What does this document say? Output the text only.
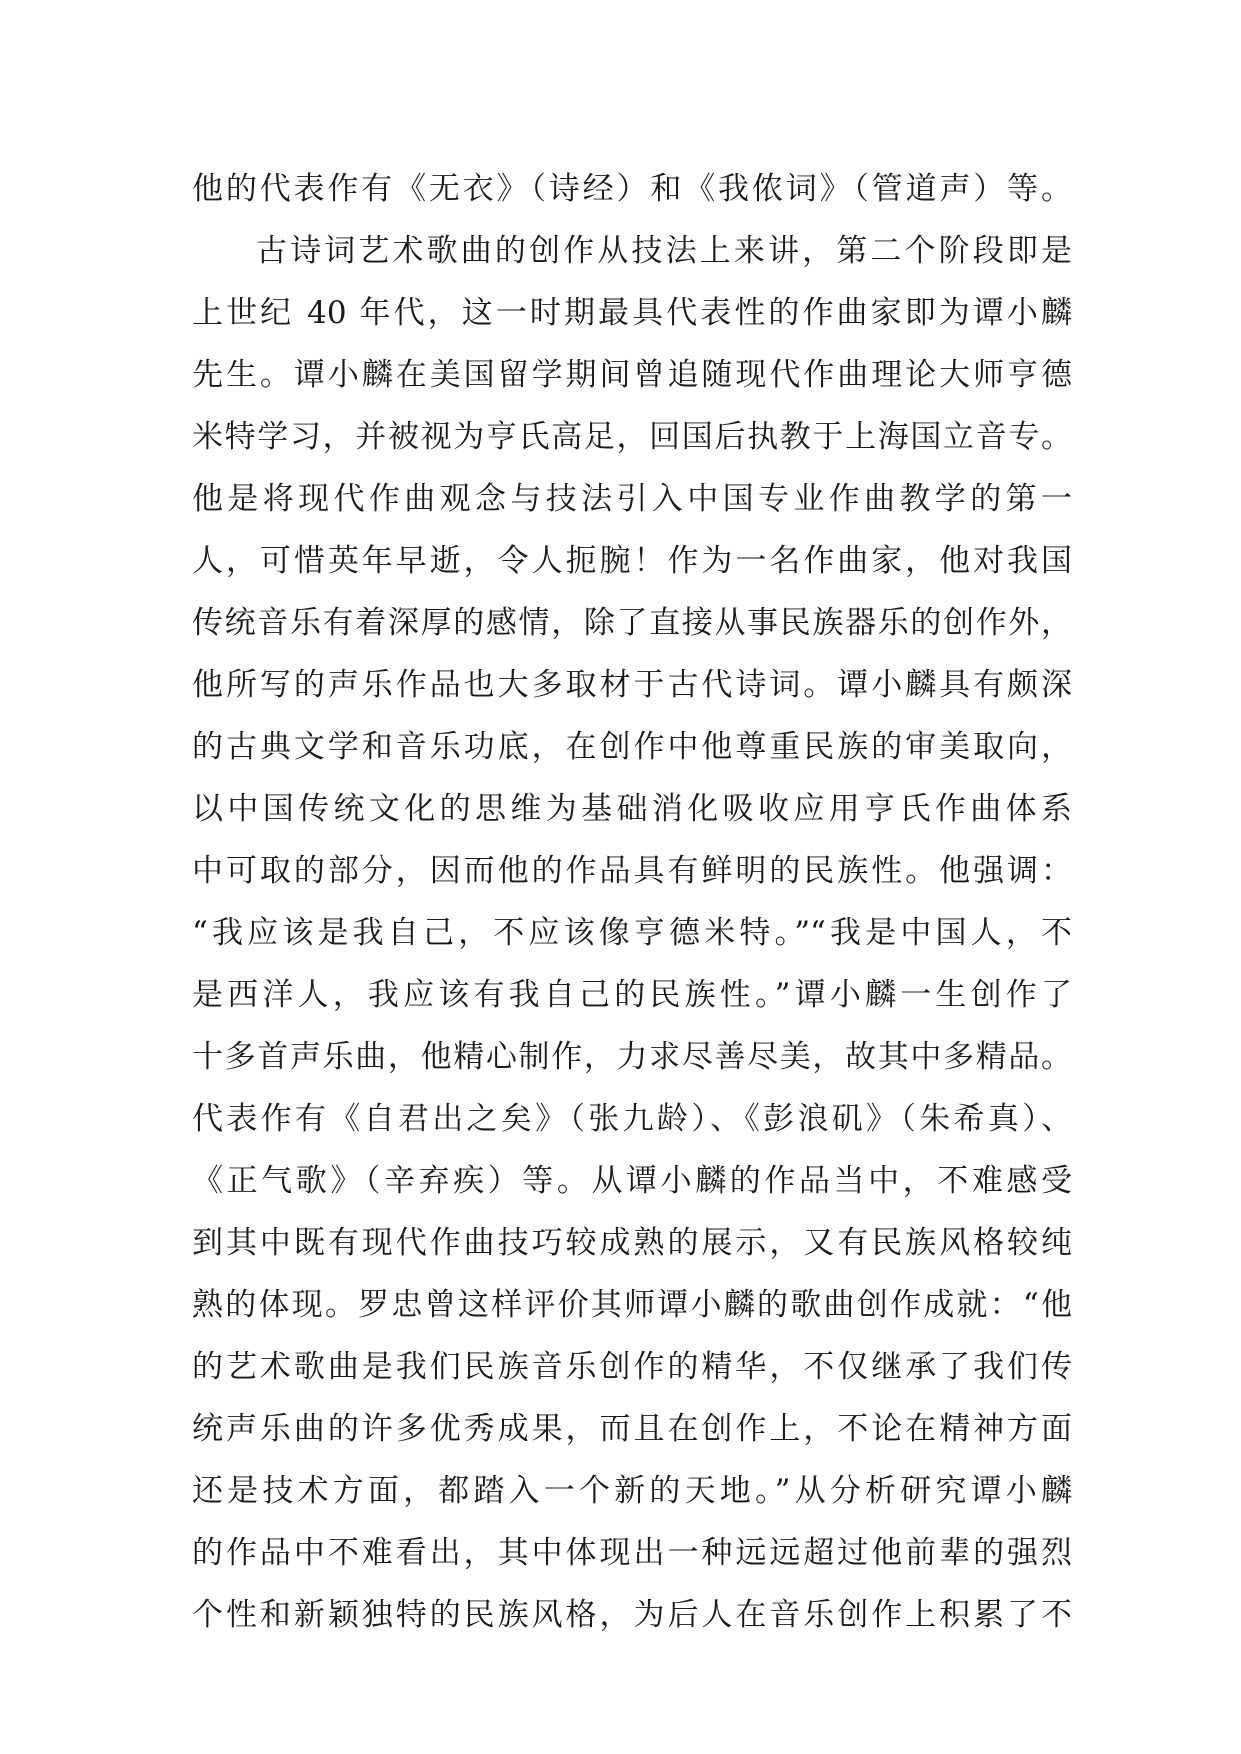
他的代表作有《无衣》（诗经）和《我侬词》（管道声）等。
古诗词艺术歌曲的创作从技法上来讲，第二个阶段即是
上世纪 40 年代，这一时期最具代表性的作曲家即为谭小麟
先生。谭小麟在美国留学期间曾追随现代作曲理论大师亨德
米特学习，并被视为亨氏高足，回国后执教于上海国立音专。
他是将现代作曲观念与技法引入中国专业作曲教学的第一
人，可惜英年早逝，令人扼腕！作为一名作曲家，他对我国
传统音乐有着深厚的感情，除了直接从事民族器乐的创作外，
他所写的声乐作品也大多取材于古代诗词。谭小麟具有颇深
的古典文学和音乐功底，在创作中他尊重民族的审美取向，
以中国传统文化的思维为基础消化吸收应用亨氏作曲体系
中可取的部分，因而他的作品具有鲜明的民族性。他强调：
“我应该是我自己，不应该像亨德米特。”“我是中国人，不
是西洋人，我应该有我自己的民族性。”谭小麟一生创作了
十多首声乐曲，他精心制作，力求尽善尽美，故其中多精品。
代表作有《自君出之矣》（张九龄）、《彭浪矶》（朱希真）、
《正气歌》（辛弃疾）等。从谭小麟的作品当中，不难感受
到其中既有现代作曲技巧较成熟的展示，又有民族风格较纯
熟的体现。罗忠曾这样评价其师谭小麟的歌曲创作成就：“他
的艺术歌曲是我们民族音乐创作的精华，不仅继承了我们传
统声乐曲的许多优秀成果，而且在创作上，不论在精神方面
还是技术方面，都踏入一个新的天地。”从分析研究谭小麟
的作品中不难看出，其中体现出一种远远超过他前辈的强烈
个性和新颖独特的民族风格，为后人在音乐创作上积累了不
